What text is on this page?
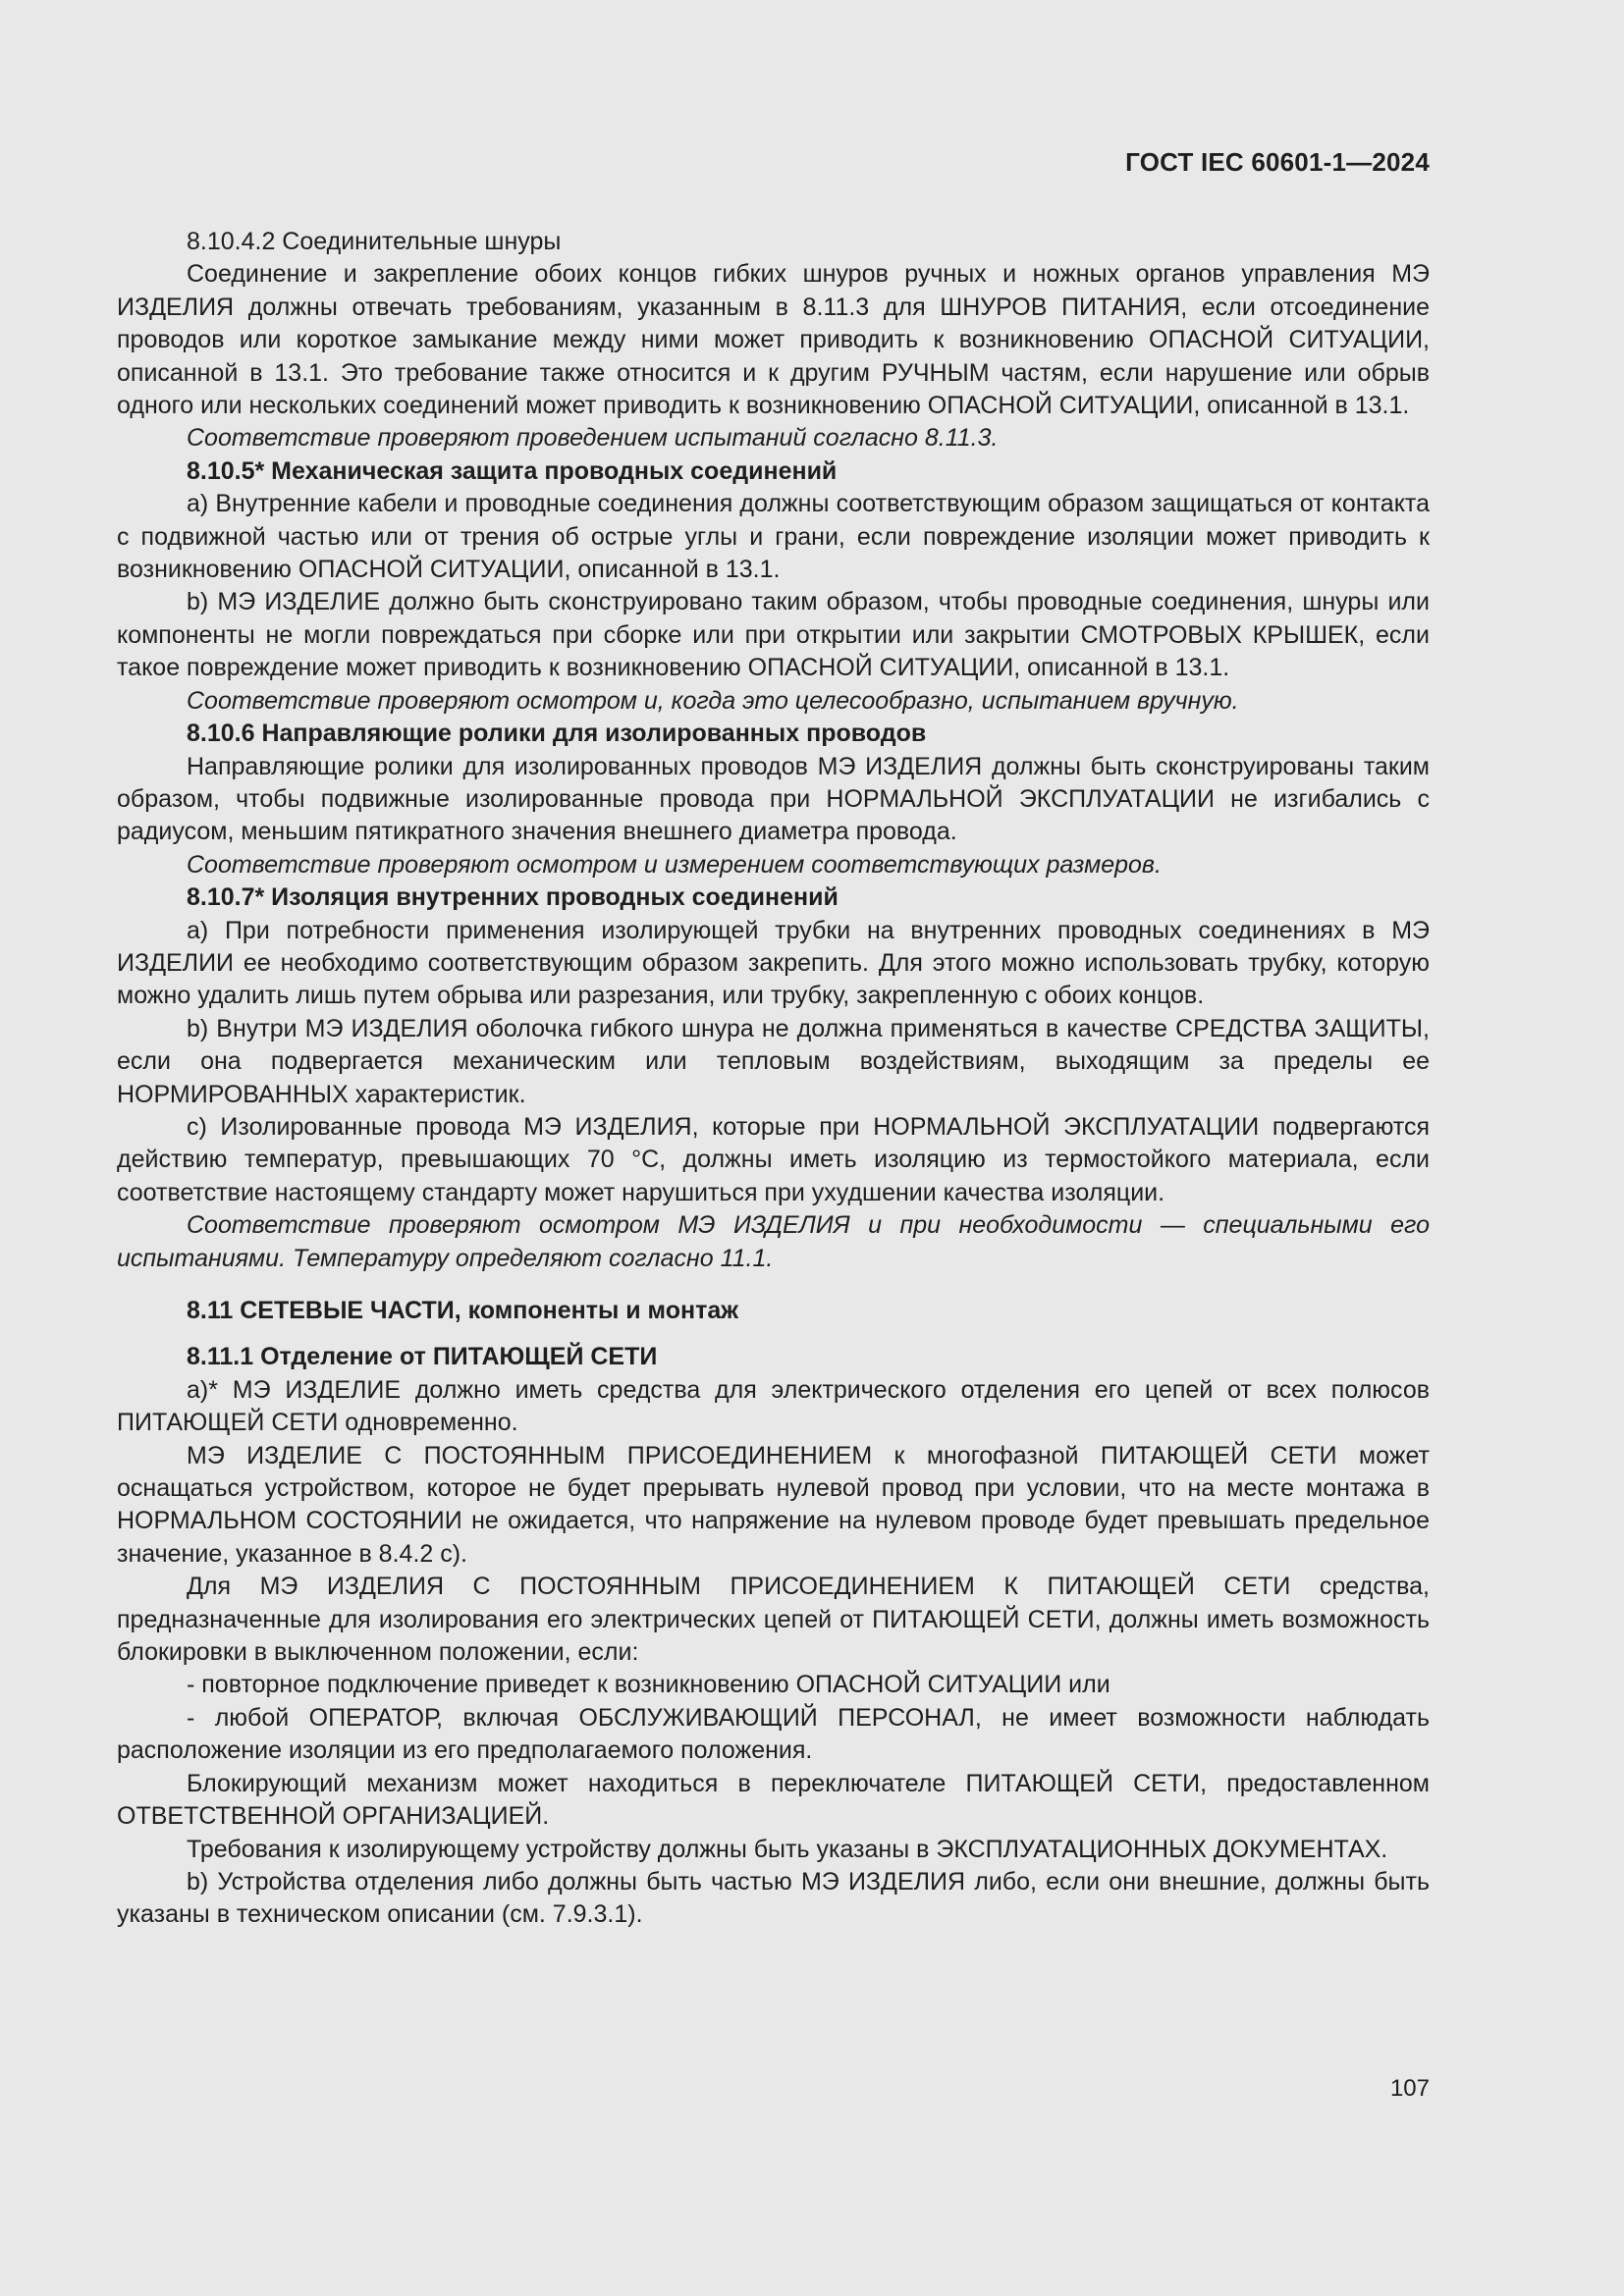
ГОСТ IEC 60601-1—2024

8.10.4.2 Соединительные шнуры

Соединение и закрепление обоих концов гибких шнуров ручных и ножных органов управления МЭ ИЗДЕЛИЯ должны отвечать требованиям, указанным в 8.11.3 для ШНУРОВ ПИТАНИЯ, если отсоединение проводов или короткое замыкание между ними может приводить к возникновению ОПАСНОЙ СИТУАЦИИ, описанной в 13.1. Это требование также относится и к другим РУЧНЫМ частям, если нарушение или обрыв одного или нескольких соединений может приводить к возникновению ОПАСНОЙ СИТУАЦИИ, описанной в 13.1.

Соответствие проверяют проведением испытаний согласно 8.11.3.

8.10.5* Механическая защита проводных соединений

a) Внутренние кабели и проводные соединения должны соответствующим образом защищаться от контакта с подвижной частью или от трения об острые углы и грани, если повреждение изоляции может приводить к возникновению ОПАСНОЙ СИТУАЦИИ, описанной в 13.1.

b) МЭ ИЗДЕЛИЕ должно быть сконструировано таким образом, чтобы проводные соединения, шнуры или компоненты не могли повреждаться при сборке или при открытии или закрытии СМОТРОВЫХ КРЫШЕК, если такое повреждение может приводить к возникновению ОПАСНОЙ СИТУАЦИИ, описанной в 13.1.

Соответствие проверяют осмотром и, когда это целесообразно, испытанием вручную.

8.10.6 Направляющие ролики для изолированных проводов

Направляющие ролики для изолированных проводов МЭ ИЗДЕЛИЯ должны быть сконструированы таким образом, чтобы подвижные изолированные провода при НОРМАЛЬНОЙ ЭКСПЛУАТАЦИИ не изгибались с радиусом, меньшим пятикратного значения внешнего диаметра провода.

Соответствие проверяют осмотром и измерением соответствующих размеров.

8.10.7* Изоляция внутренних проводных соединений

a) При потребности применения изолирующей трубки на внутренних проводных соединениях в МЭ ИЗДЕЛИИ ее необходимо соответствующим образом закрепить. Для этого можно использовать трубку, которую можно удалить лишь путем обрыва или разрезания, или трубку, закрепленную с обоих концов.

b) Внутри МЭ ИЗДЕЛИЯ оболочка гибкого шнура не должна применяться в качестве СРЕДСТВА ЗАЩИТЫ, если она подвергается механическим или тепловым воздействиям, выходящим за пределы ее НОРМИРОВАННЫХ характеристик.

c) Изолированные провода МЭ ИЗДЕЛИЯ, которые при НОРМАЛЬНОЙ ЭКСПЛУАТАЦИИ подвергаются действию температур, превышающих 70 °С, должны иметь изоляцию из термостойкого материала, если соответствие настоящему стандарту может нарушиться при ухудшении качества изоляции.

Соответствие проверяют осмотром МЭ ИЗДЕЛИЯ и при необходимости — специальными его испытаниями. Температуру определяют согласно 11.1.

8.11 СЕТЕВЫЕ ЧАСТИ, компоненты и монтаж

8.11.1 Отделение от ПИТАЮЩЕЙ СЕТИ

a)* МЭ ИЗДЕЛИЕ должно иметь средства для электрического отделения его цепей от всех полюсов ПИТАЮЩЕЙ СЕТИ одновременно.

МЭ ИЗДЕЛИЕ С ПОСТОЯННЫМ ПРИСОЕДИНЕНИЕМ к многофазной ПИТАЮЩЕЙ СЕТИ может оснащаться устройством, которое не будет прерывать нулевой провод при условии, что на месте монтажа в НОРМАЛЬНОМ СОСТОЯНИИ не ожидается, что напряжение на нулевом проводе будет превышать предельное значение, указанное в 8.4.2 с).

Для МЭ ИЗДЕЛИЯ С ПОСТОЯННЫМ ПРИСОЕДИНЕНИЕМ К ПИТАЮЩЕЙ СЕТИ средства, предназначенные для изолирования его электрических цепей от ПИТАЮЩЕЙ СЕТИ, должны иметь возможность блокировки в выключенном положении, если:

- повторное подключение приведет к возникновению ОПАСНОЙ СИТУАЦИИ или

- любой ОПЕРАТОР, включая ОБСЛУЖИВАЮЩИЙ ПЕРСОНАЛ, не имеет возможности наблюдать расположение изоляции из его предполагаемого положения.

Блокирующий механизм может находиться в переключателе ПИТАЮЩЕЙ СЕТИ, предоставленном ОТВЕТСТВЕННОЙ ОРГАНИЗАЦИЕЙ.

Требования к изолирующему устройству должны быть указаны в ЭКСПЛУАТАЦИОННЫХ ДОКУМЕНТАХ.

b) Устройства отделения либо должны быть частью МЭ ИЗДЕЛИЯ либо, если они внешние, должны быть указаны в техническом описании (см. 7.9.3.1).

107
